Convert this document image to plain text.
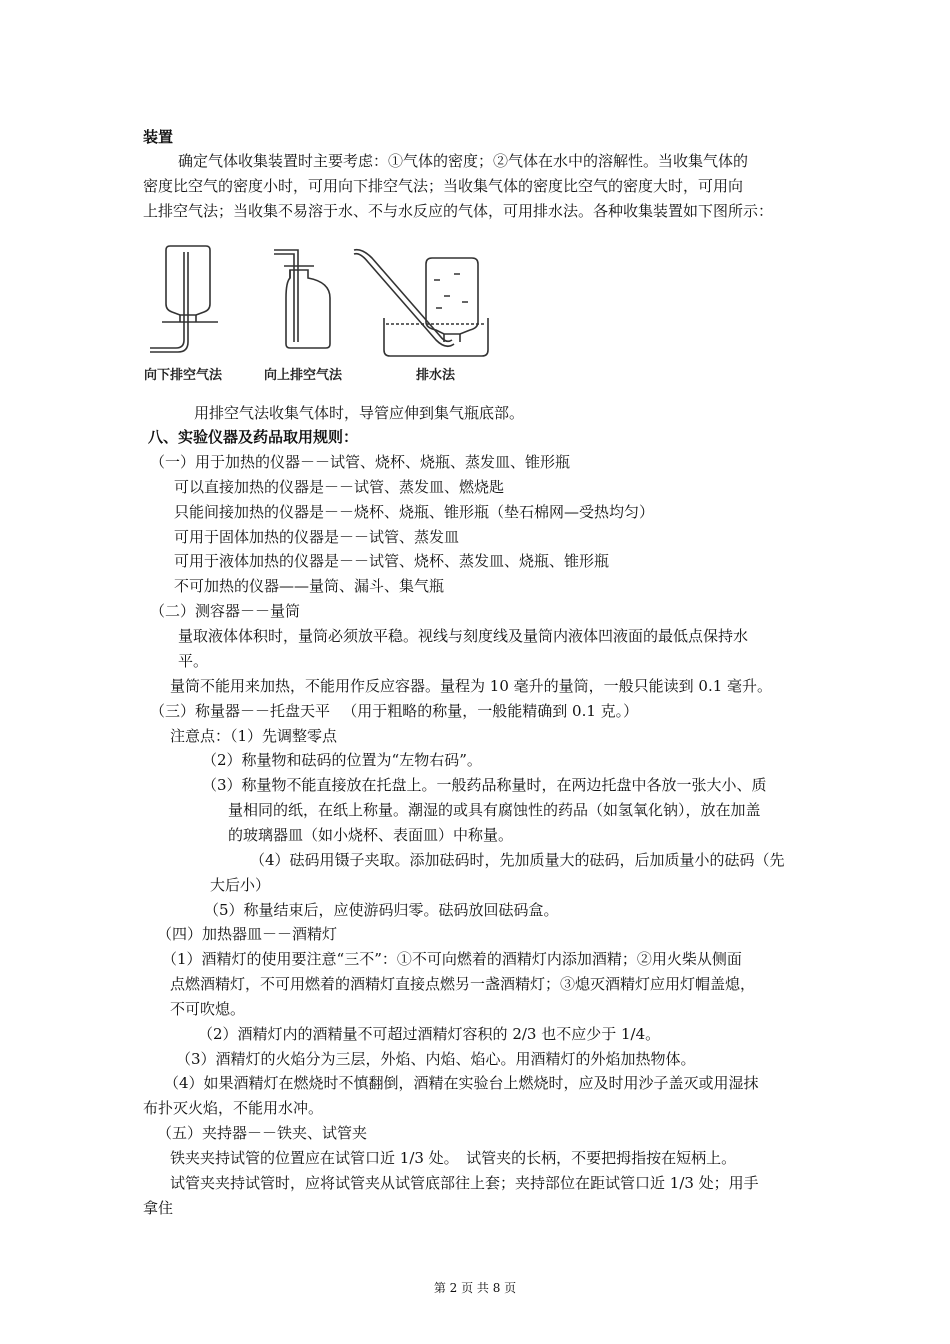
装置
确定气体收集装置时主要考虑：①气体的密度；②气体在水中的溶解性。当收集气体的
密度比空气的密度小时，可用向下排空气法；当收集气体的密度比空气的密度大时，可用向
上排空气法；当收集不易溶于水、不与水反应的气体，可用排水法。各种收集装置如下图所示：
向下排空气法	向上排空气法	排水法
用排空气法收集气体时，导管应伸到集气瓶底部。
八、实验仪器及药品取用规则：
（一）用于加热的仪器－－试管、烧杯、烧瓶、蒸发皿、锥形瓶
可以直接加热的仪器是－－试管、蒸发皿、燃烧匙
只能间接加热的仪器是－－烧杯、烧瓶、锥形瓶（垫石棉网—受热均匀）
可用于固体加热的仪器是－－试管、蒸发皿
可用于液体加热的仪器是－－试管、烧杯、蒸发皿、烧瓶、锥形瓶
不可加热的仪器——量筒、漏斗、集气瓶
（二）测容器－－量筒
量取液体体积时，量筒必须放平稳。视线与刻度线及量筒内液体凹液面的最低点保持水
平。
量筒不能用来加热，不能用作反应容器。量程为 10 毫升的量筒，一般只能读到 0.1 毫升。
（三）称量器－－托盘天平 　（用于粗略的称量，一般能精确到 0.1 克。）
注意点：（1）先调整零点
（2）称量物和砝码的位置为“左物右码”。
（3）称量物不能直接放在托盘上。一般药品称量时，在两边托盘中各放一张大小、质
量相同的纸，在纸上称量。潮湿的或具有腐蚀性的药品（如氢氧化钠），放在加盖
的玻璃器皿（如小烧杯、表面皿）中称量。
（4）砝码用镊子夹取。添加砝码时，先加质量大的砝码，后加质量小的砝码（先
大后小）
（5）称量结束后，应使游码归零。砝码放回砝码盒。
（四）加热器皿－－酒精灯
（1）酒精灯的使用要注意“三不”：①不可向燃着的酒精灯内添加酒精；②用火柴从侧面
点燃酒精灯，不可用燃着的酒精灯直接点燃另一盏酒精灯；③熄灭酒精灯应用灯帽盖熄，
不可吹熄。
（2）酒精灯内的酒精量不可超过酒精灯容积的 2/3 也不应少于 1/4。
（3）酒精灯的火焰分为三层，外焰、内焰、焰心。用酒精灯的外焰加热物体。
（4）如果酒精灯在燃烧时不慎翻倒，酒精在实验台上燃烧时，应及时用沙子盖灭或用湿抹
布扑灭火焰，不能用水冲。
（五）夹持器－－铁夹、试管夹
铁夹夹持试管的位置应在试管口近 1/3 处。　试管夹的长柄，不要把拇指按在短柄上。
试管夹夹持试管时，应将试管夹从试管底部往上套；夹持部位在距试管口近 1/3 处；用手
拿住
第 2 页 共 8 页
